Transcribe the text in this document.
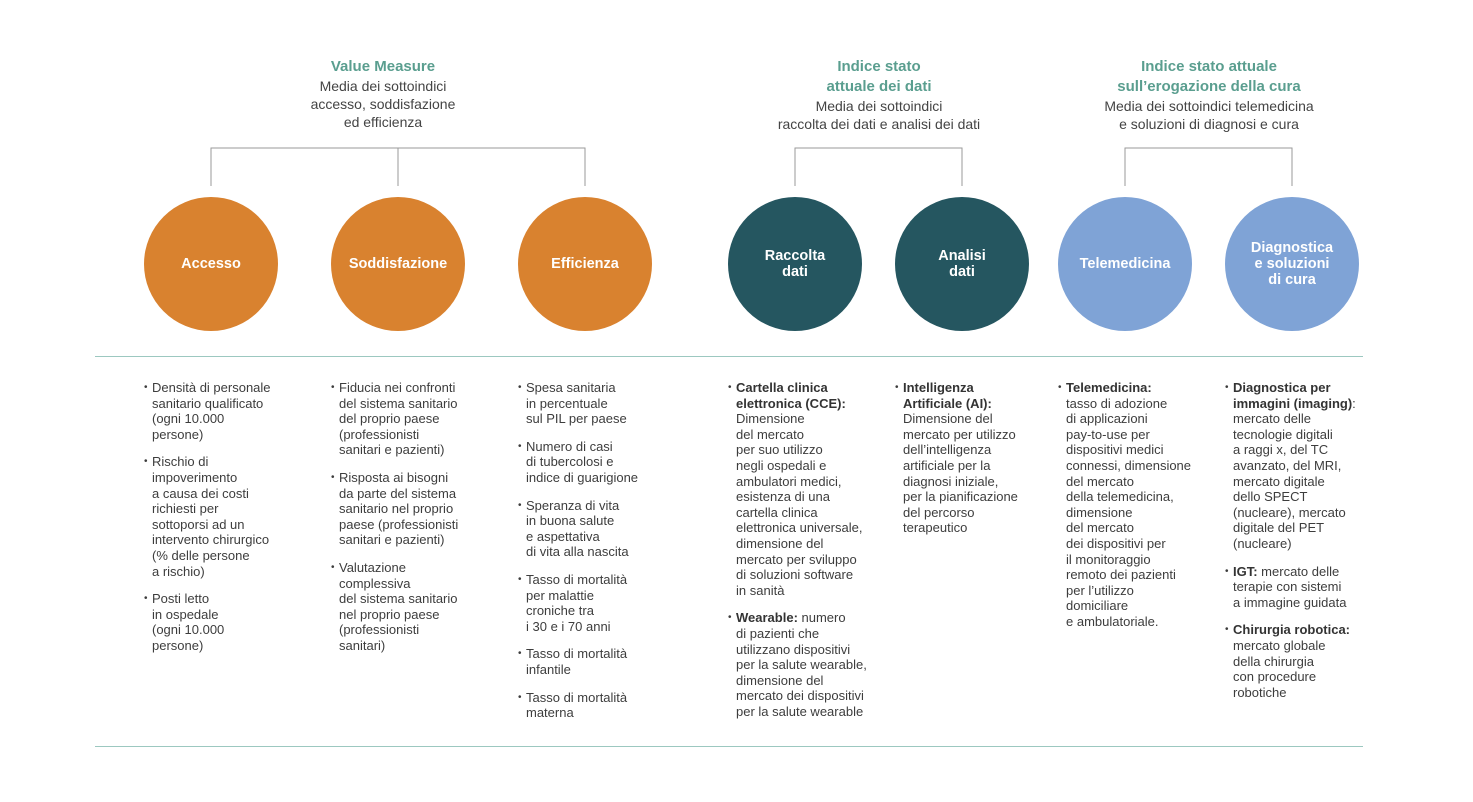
Value Measure
Media dei sottoindici
accesso, soddisfazione
ed efficienza
Indice stato
attuale dei dati
Media dei sottoindici
raccolta dei dati e analisi dei dati
Indice stato attuale
sull’erogazione della cura
Media dei sottoindici telemedicina
e soluzioni di diagnosi e cura
Accesso	Soddisfazione	Efficienza	Raccolta
dati
Analisi
dati	Telemedicina
Diagnostica
e soluzioni
di cura
• Densità di personale
sanitario qualificato
(ogni 10.000
persone)
• Rischio di
impoverimento
a causa dei costi
richiesti per
sottoporsi ad un
intervento chirurgico
(% delle persone
a rischio)
• Posti letto
in ospedale
(ogni 10.000
persone)
• Fiducia nei confronti
del sistema sanitario
del proprio paese
(professionisti
sanitari e pazienti)
• Risposta ai bisogni
da parte del sistema
sanitario nel proprio
paese (professionisti
sanitari e pazienti)
• Valutazione
complessiva
del sistema sanitario
nel proprio paese
(professionisti
sanitari)
• Spesa sanitaria
in percentuale
sul PIL per paese
• Numero di casi
di tubercolosi e
indice di guarigione
• Speranza di vita
in buona salute
e aspettativa
di vita alla nascita
• Tasso di mortalità
per malattie
croniche tra
i 30 e i 70 anni
• Tasso di mortalità
infantile
• Tasso di mortalità
materna
• Cartella clinica
elettronica (CCE):
Dimensione
del mercato
per suo utilizzo
negli ospedali e
ambulatori medici,
esistenza di una
cartella clinica
elettronica universale,
dimensione del
mercato per sviluppo
di soluzioni software
in sanità
• Wearable: numero
di pazienti che
utilizzano dispositivi
per la salute wearable,
dimensione del
mercato dei dispositivi
per la salute wearable
• Intelligenza
Artificiale (AI):
Dimensione del
mercato per utilizzo
dell’intelligenza
artificiale per la
diagnosi iniziale,
per la pianificazione
del percorso
terapeutico
• Telemedicina:
tasso di adozione
di applicazioni
pay-to-use per
dispositivi medici
connessi, dimensione
del mercato
della telemedicina,
dimensione
del mercato
dei dispositivi per
il monitoraggio
remoto dei pazienti
per l’utilizzo
domiciliare
e ambulatoriale.
• Diagnostica per
immagini (imaging):
mercato delle
tecnologie digitali
a raggi x, del TC
avanzato, del MRI,
mercato digitale
dello SPECT
(nucleare), mercato
digitale del PET
(nucleare)
• IGT: mercato delle
terapie con sistemi
a immagine guidata
• Chirurgia robotica:
mercato globale
della chirurgia
con procedure
robotiche
